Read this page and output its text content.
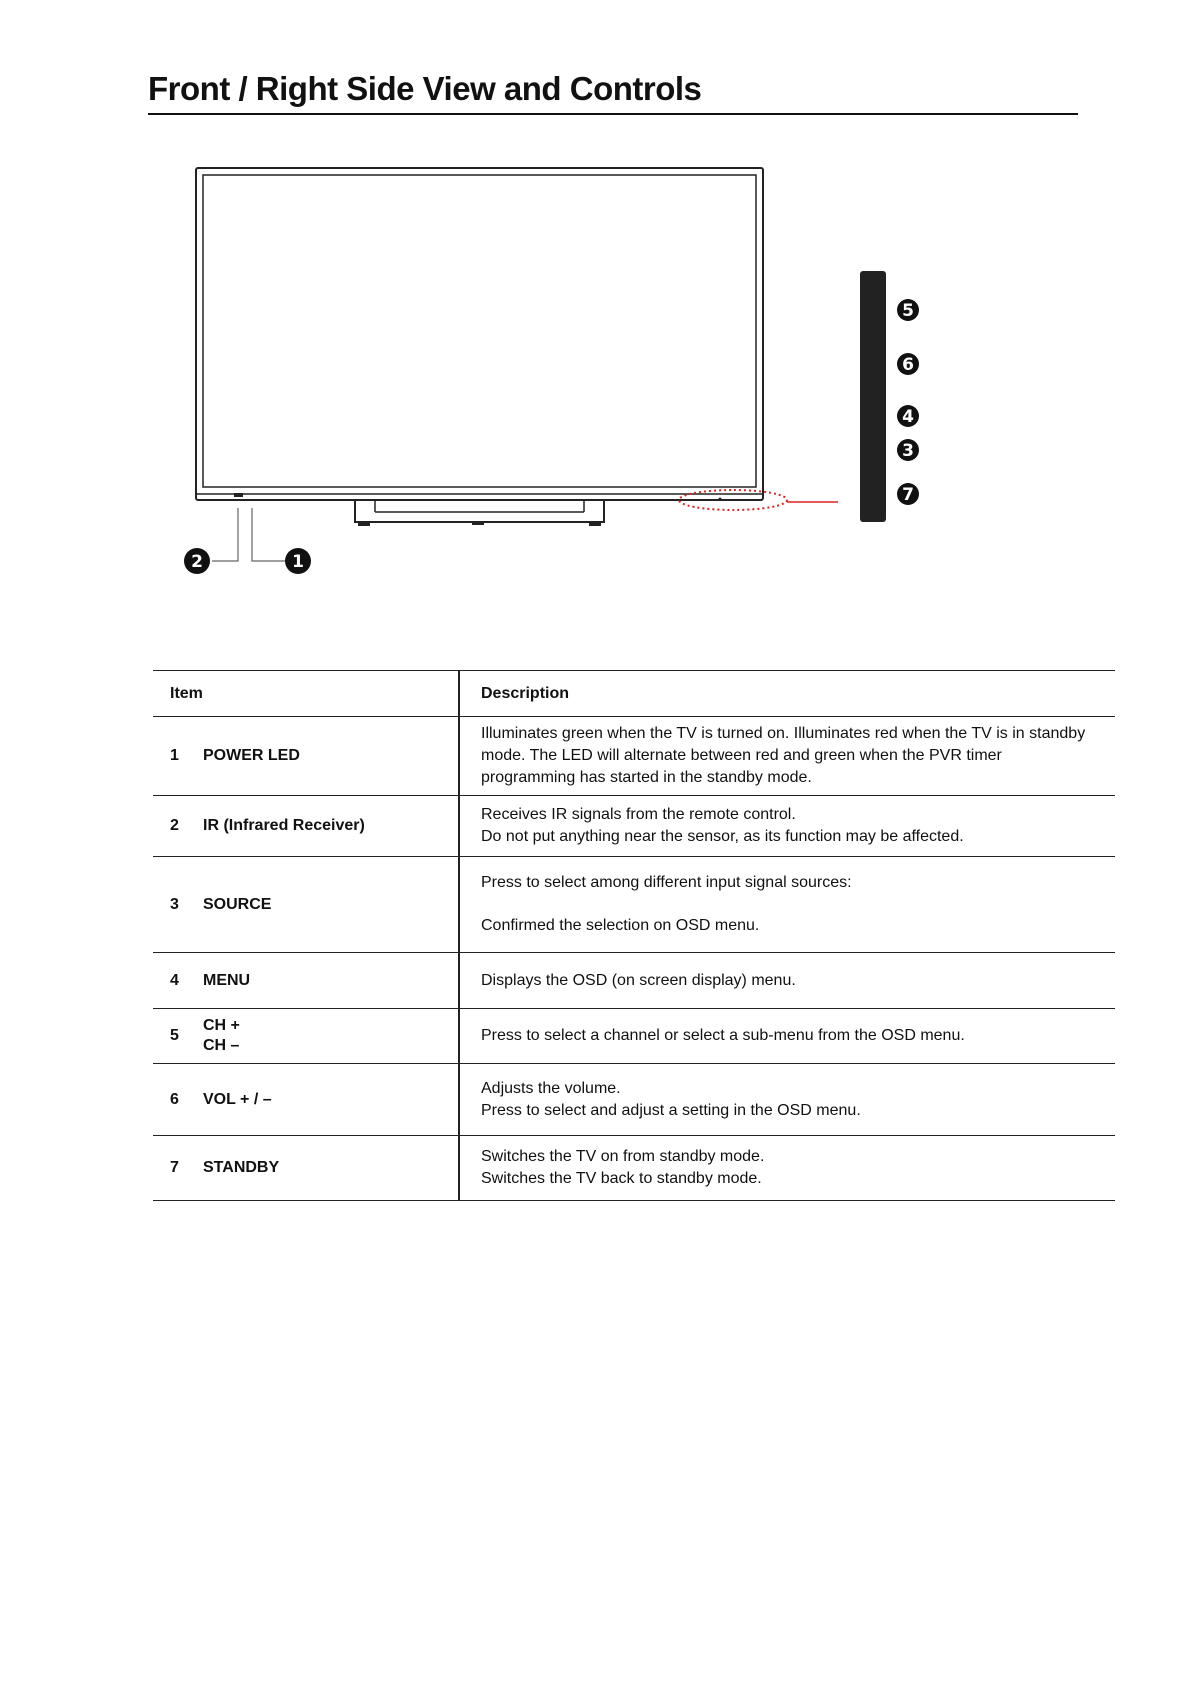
Front / Right Side View and Controls
2	1
5
6
4
3
7
Item	Description

1 POWER LED	Illuminates green when the TV is turned on. Illuminates red when the TV is in standby
mode. The LED will alternate between red and green when the PVR timer
programming has started in the standby mode.

2 IR (Infrared Receiver)	Receives IR signals from the remote control.
Do not put anything near the sensor, as its function may be affected.

3 SOURCE	Press to select among different input signal sources:
Confirmed the selection on OSD menu.

4 MENU	Displays the OSD (on screen display) menu.

5
CH +
CH –	Press to select a channel or select a sub-menu from the OSD menu.

6 VOL + / –	Adjusts the volume.
Press to select and adjust a setting in the OSD menu.

7 STANDBY	Switches the TV on from standby mode.
Switches the TV back to standby mode.
